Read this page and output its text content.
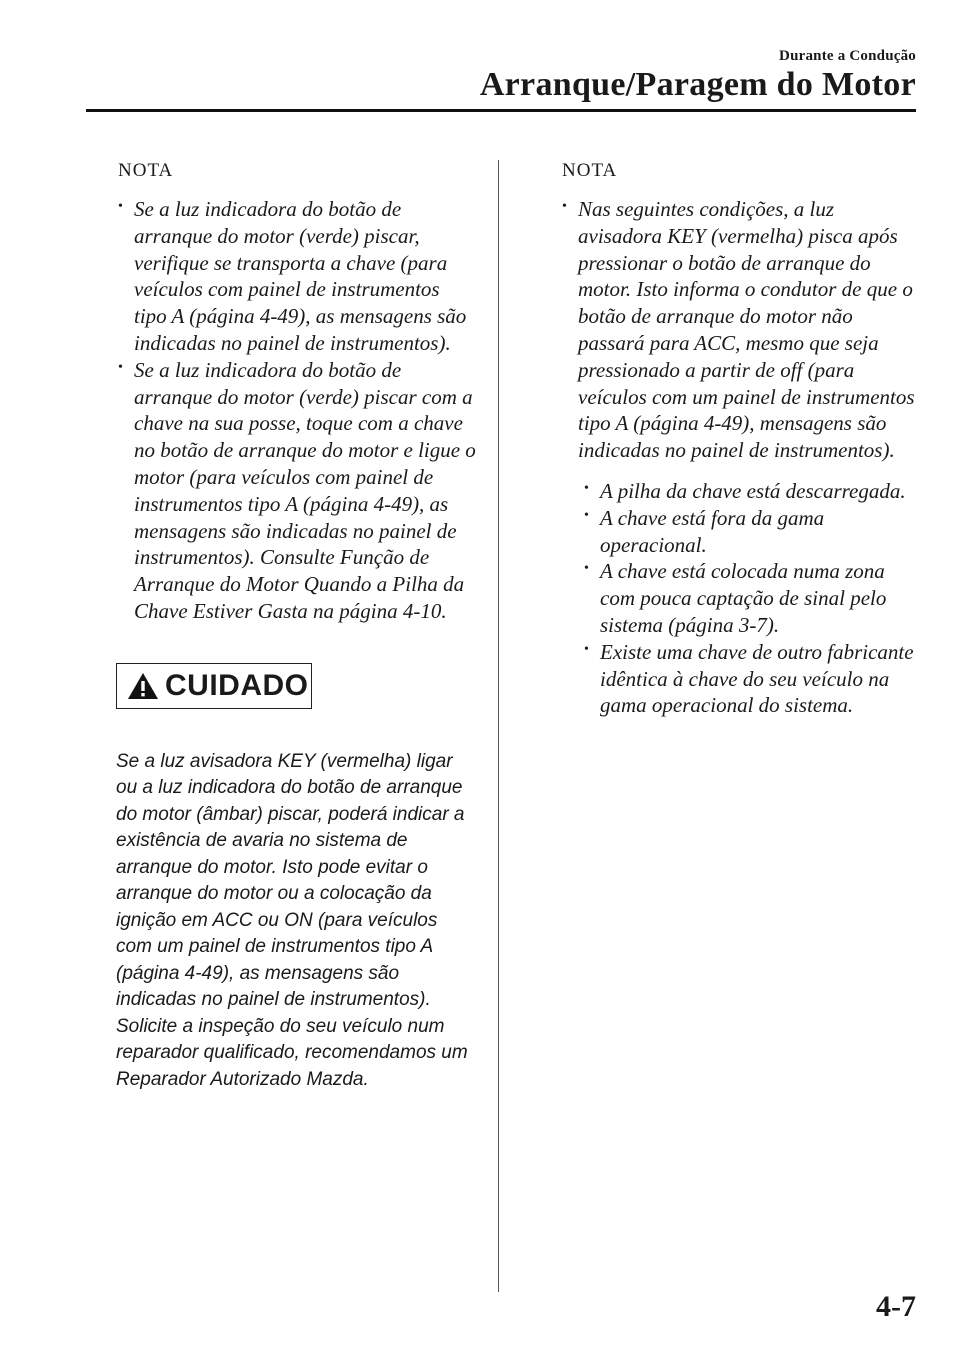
Durante a Condução
Arranque/Paragem do Motor
NOTA
• Se a luz indicadora do botão de arranque do motor (verde) piscar, verifique se transporta a chave (para veículos com painel de instrumentos tipo A (página 4-49), as mensagens são indicadas no painel de instrumentos).
• Se a luz indicadora do botão de arranque do motor (verde) piscar com a chave na sua posse, toque com a chave no botão de arranque do motor e ligue o motor (para veículos com painel de instrumentos tipo A (página 4-49), as mensagens são indicadas no painel de instrumentos). Consulte Função de Arranque do Motor Quando a Pilha da Chave Estiver Gasta na página 4-10.
CUIDADO

Se a luz avisadora KEY (vermelha) ligar ou a luz indicadora do botão de arranque do motor (âmbar) piscar, poderá indicar a existência de avaria no sistema de arranque do motor. Isto pode evitar o arranque do motor ou a colocação da ignição em ACC ou ON (para veículos com um painel de instrumentos tipo A (página 4-49), as mensagens são indicadas no painel de instrumentos). Solicite a inspeção do seu veículo num reparador qualificado, recomendamos um Reparador Autorizado Mazda.

NOTA
• Nas seguintes condições, a luz avisadora KEY (vermelha) pisca após pressionar o botão de arranque do motor. Isto informa o condutor de que o botão de arranque do motor não passará para ACC, mesmo que seja pressionado a partir de off (para veículos com um painel de instrumentos tipo A (página 4-49), mensagens são indicadas no painel de instrumentos).
• A pilha da chave está descarregada.
• A chave está fora da gama operacional.
• A chave está colocada numa zona com pouca captação de sinal pelo sistema (página 3-7).
• Existe uma chave de outro fabricante idêntica à chave do seu veículo na gama operacional do sistema.
4-7
